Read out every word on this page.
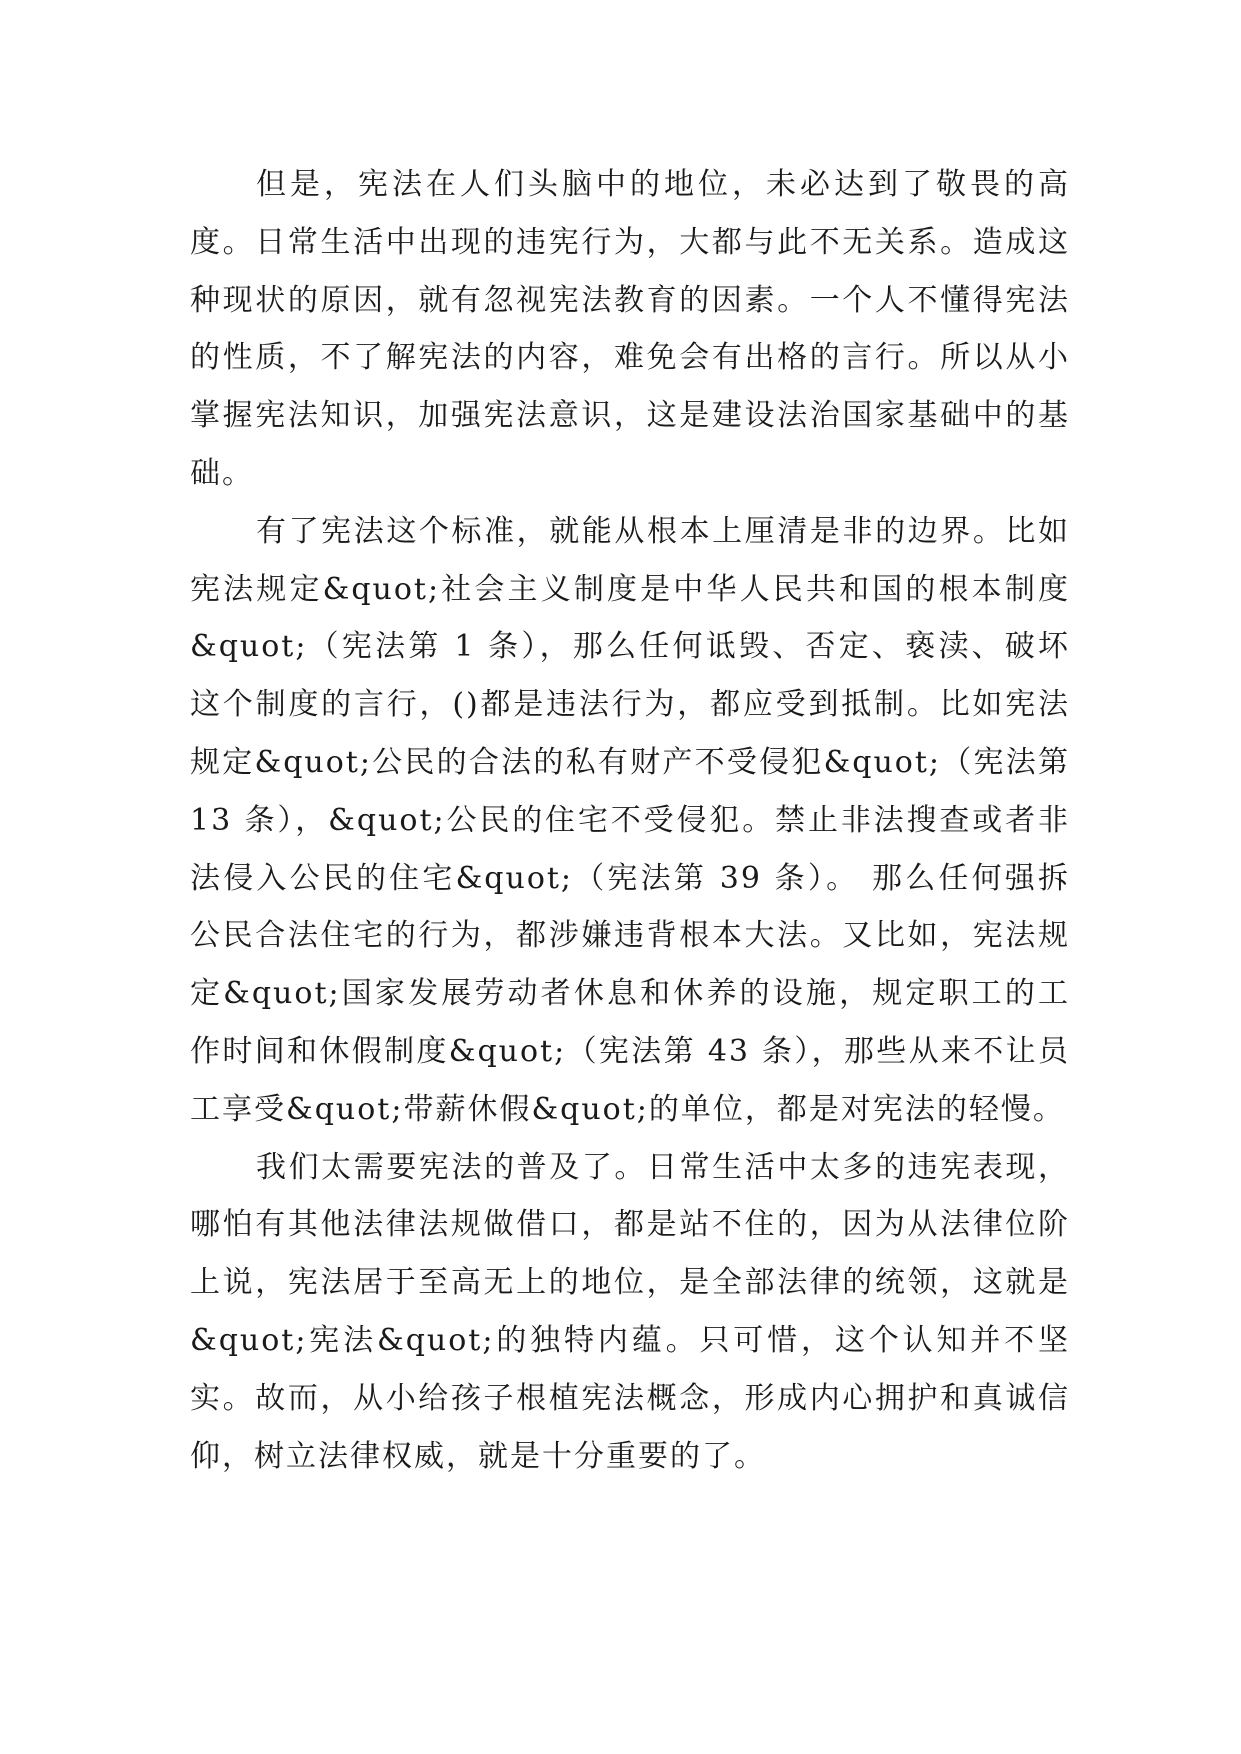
但是，宪法在人们头脑中的地位，未必达到了敬畏的高度。日常生活中出现的违宪行为，大都与此不无关系。造成这种现状的原因，就有忽视宪法教育的因素。一个人不懂得宪法的性质，不了解宪法的内容，难免会有出格的言行。所以从小掌握宪法知识，加强宪法意识，这是建设法治国家基础中的基础。

有了宪法这个标准，就能从根本上厘清是非的边界。比如宪法规定&quot;社会主义制度是中华人民共和国的根本制度&quot;（宪法第 1 条），那么任何诋毁、否定、亵渎、破坏这个制度的言行，()都是违法行为，都应受到抵制。比如宪法规定&quot;公民的合法的私有财产不受侵犯&quot;（宪法第 13 条），&quot;公民的住宅不受侵犯。禁止非法搜查或者非法侵入公民的住宅&quot;（宪法第 39 条）。 那么任何强拆公民合法住宅的行为，都涉嫌违背根本大法。又比如，宪法规定&quot;国家发展劳动者休息和休养的设施，规定职工的工作时间和休假制度&quot;（宪法第 43 条），那些从来不让员工享受&quot;带薪休假&quot;的单位，都是对宪法的轻慢。

我们太需要宪法的普及了。日常生活中太多的违宪表现，哪怕有其他法律法规做借口，都是站不住的，因为从法律位阶上说，宪法居于至高无上的地位，是全部法律的统领，这就是&quot;宪法&quot;的独特内蕴。只可惜，这个认知并不坚实。故而，从小给孩子根植宪法概念，形成内心拥护和真诚信仰，树立法律权威，就是十分重要的了。
